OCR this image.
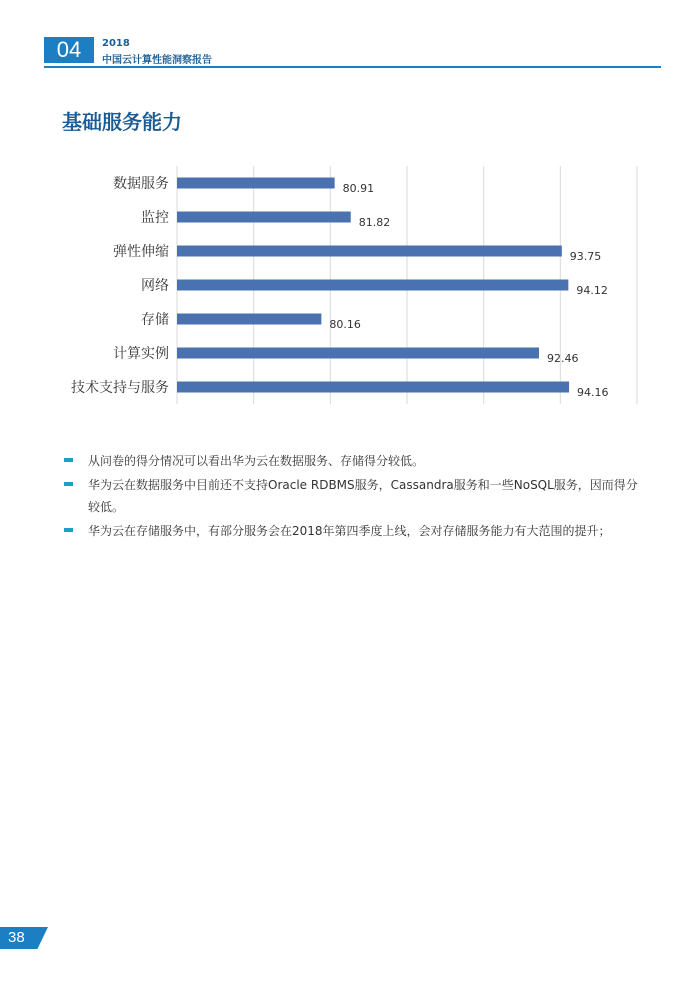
04	2018
中国云计算性能洞察报告
基础服务能力
数据服务	80.91
监控	81.82
弹性伸缩	93.75
网络	94.12
存储	80.16
计算实例	92.46
技术支持与服务	94.16
从问卷的得分情况可以看出华为云在数据服务、存储得分较低。
华为云在数据服务中目前还不支持Oracle RDBMS服务，Cassandra服务和一些NoSQL服务，因而得分较低。
华为云在存储服务中，有部分服务会在2018年第四季度上线，会对存储服务能力有大范围的提升；
38
